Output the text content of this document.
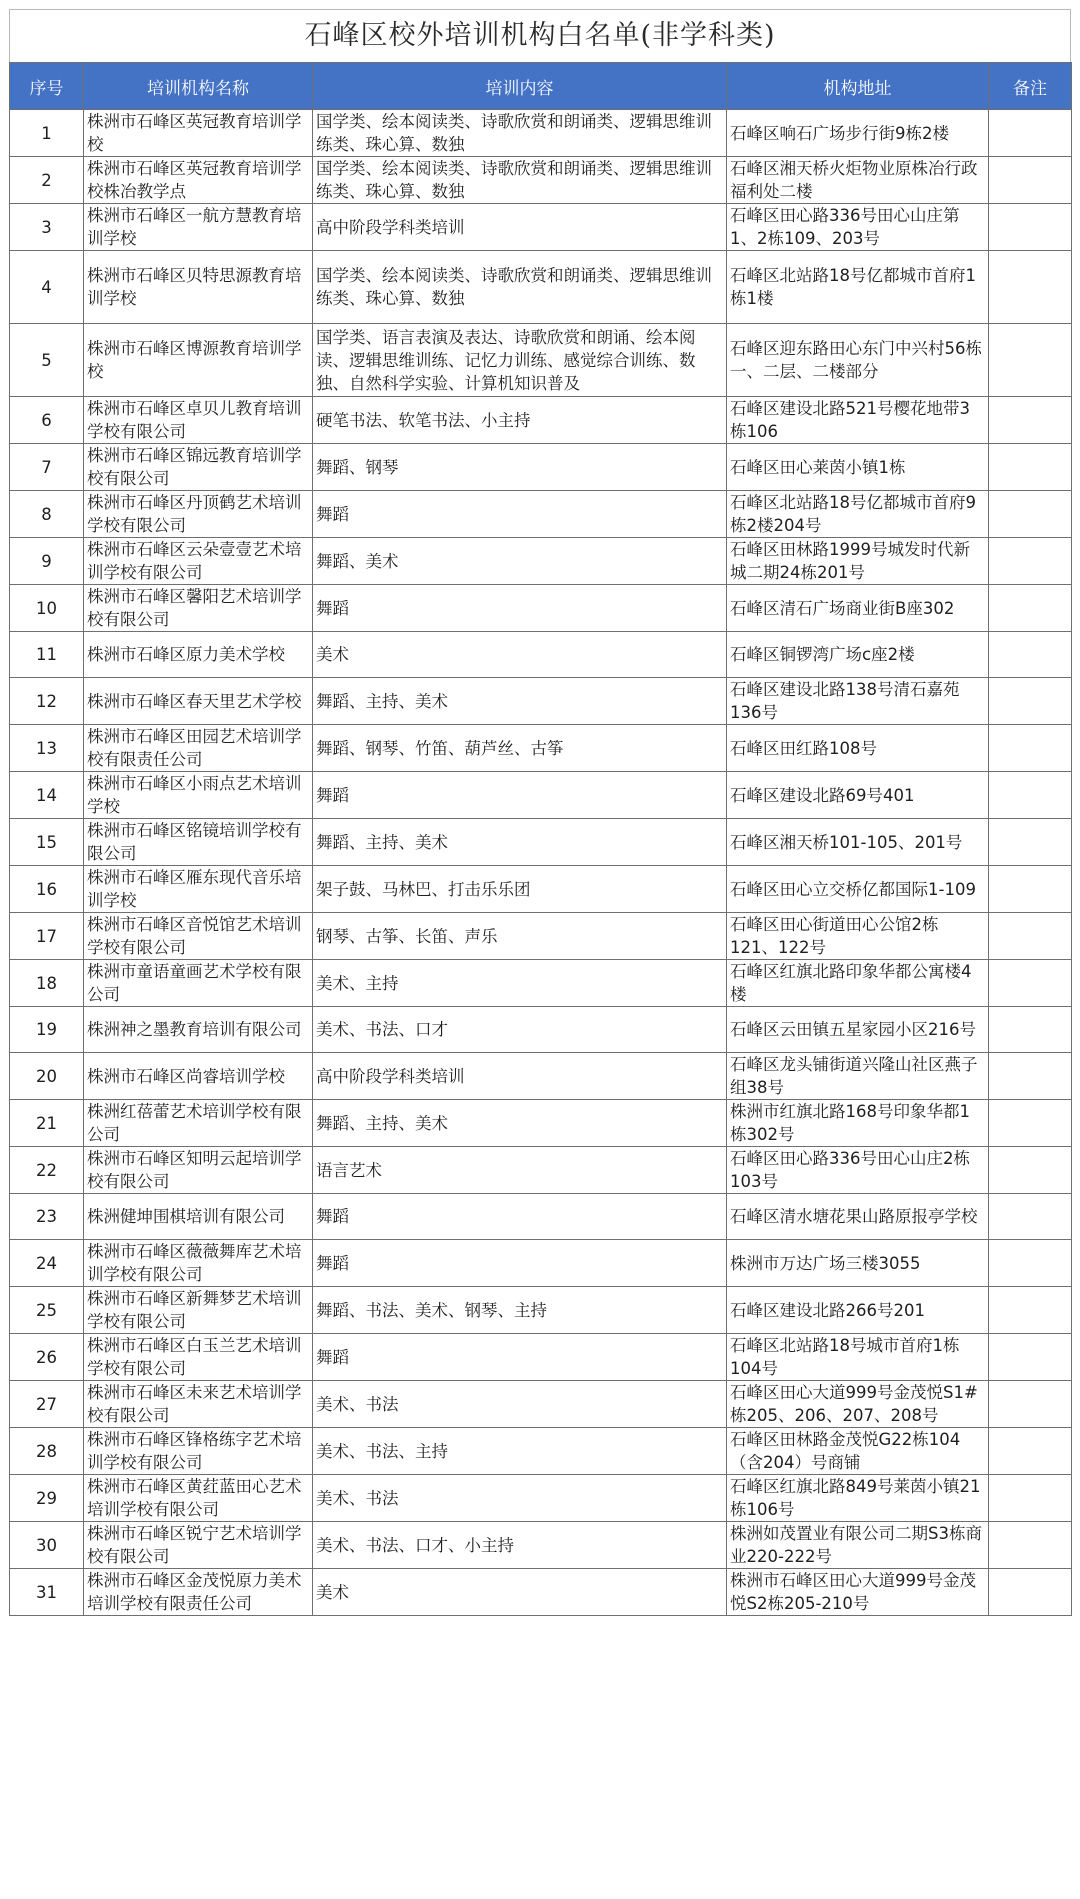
石峰区校外培训机构白名单(非学科类)
序号	培训机构名称	培训内容	机构地址	备注
1	株洲市石峰区英冠教育培训学校	国学类、绘本阅读类、诗歌欣赏和朗诵类、逻辑思维训练类、珠心算、数独	石峰区响石广场步行街9栋2楼	
2	株洲市石峰区英冠教育培训学校株冶教学点	国学类、绘本阅读类、诗歌欣赏和朗诵类、逻辑思维训练类、珠心算、数独	石峰区湘天桥火炬物业原株冶行政福利处二楼	
3	株洲市石峰区一航方慧教育培训学校	高中阶段学科类培训	石峰区田心路336号田心山庄第1、2栋109、203号	
4	株洲市石峰区贝特思源教育培训学校	国学类、绘本阅读类、诗歌欣赏和朗诵类、逻辑思维训练类、珠心算、数独	石峰区北站路18号亿都城市首府1栋1楼	
5	株洲市石峰区博源教育培训学校	国学类、语言表演及表达、诗歌欣赏和朗诵、绘本阅读、逻辑思维训练、记忆力训练、感觉综合训练、数独、自然科学实验、计算机知识普及	石峰区迎东路田心东门中兴村56栋一、二层、二楼部分	
6	株洲市石峰区卓贝儿教育培训学校有限公司	硬笔书法、软笔书法、小主持	石峰区建设北路521号樱花地带3栋106	
7	株洲市石峰区锦远教育培训学校有限公司	舞蹈、钢琴	石峰区田心莱茵小镇1栋	
8	株洲市石峰区丹顶鹤艺术培训学校有限公司	舞蹈	石峰区北站路18号亿都城市首府9栋2楼204号	
9	株洲市石峰区云朵壹壹艺术培训学校有限公司	舞蹈、美术	石峰区田林路1999号城发时代新城二期24栋201号	
10	株洲市石峰区馨阳艺术培训学校有限公司	舞蹈	石峰区清石广场商业街B座302	
11	株洲市石峰区原力美术学校	美术	石峰区铜锣湾广场c座2楼	
12	株洲市石峰区春天里艺术学校	舞蹈、主持、美术	石峰区建设北路138号清石嘉苑136号	
13	株洲市石峰区田园艺术培训学校有限责任公司	舞蹈、钢琴、竹笛、葫芦丝、古筝	石峰区田红路108号	
14	株洲市石峰区小雨点艺术培训学校	舞蹈	石峰区建设北路69号401	
15	株洲市石峰区铭镜培训学校有限公司	舞蹈、主持、美术	石峰区湘天桥101-105、201号	
16	株洲市石峰区雁东现代音乐培训学校	架子鼓、马林巴、打击乐乐团	石峰区田心立交桥亿都国际1-109	
17	株洲市石峰区音悦馆艺术培训学校有限公司	钢琴、古筝、长笛、声乐	石峰区田心街道田心公馆2栋121、122号	
18	株洲市童语童画艺术学校有限公司	美术、主持	石峰区红旗北路印象华都公寓楼4楼	
19	株洲神之墨教育培训有限公司	美术、书法、口才	石峰区云田镇五星家园小区216号	
20	株洲市石峰区尚睿培训学校	高中阶段学科类培训	石峰区龙头铺街道兴隆山社区燕子组38号	
21	株洲红蓓蕾艺术培训学校有限公司	舞蹈、主持、美术	株洲市红旗北路168号印象华都1栋302号	
22	株洲市石峰区知明云起培训学校有限公司	语言艺术	石峰区田心路336号田心山庄2栋103号	
23	株洲健坤围棋培训有限公司	舞蹈	石峰区清水塘花果山路原报亭学校	
24	株洲市石峰区薇薇舞库艺术培训学校有限公司	舞蹈	株洲市万达广场三楼3055	
25	株洲市石峰区新舞梦艺术培训学校有限公司	舞蹈、书法、美术、钢琴、主持	石峰区建设北路266号201	
26	株洲市石峰区白玉兰艺术培训学校有限公司	舞蹈	石峰区北站路18号城市首府1栋104号	
27	株洲市石峰区未来艺术培训学校有限公司	美术、书法	石峰区田心大道999号金茂悦S1#栋205、206、207、208号	
28	株洲市石峰区锋格练字艺术培训学校有限公司	美术、书法、主持	石峰区田林路金茂悦G22栋104（含204）号商铺	
29	株洲市石峰区黄荭蓝田心艺术培训学校有限公司	美术、书法	石峰区红旗北路849号莱茵小镇21栋106号	
30	株洲市石峰区锐宁艺术培训学校有限公司	美术、书法、口才、小主持	株洲如茂置业有限公司二期S3栋商业220-222号	
31	株洲市石峰区金茂悦原力美术培训学校有限责任公司	美术	株洲市石峰区田心大道999号金茂悦S2栋205-210号	
